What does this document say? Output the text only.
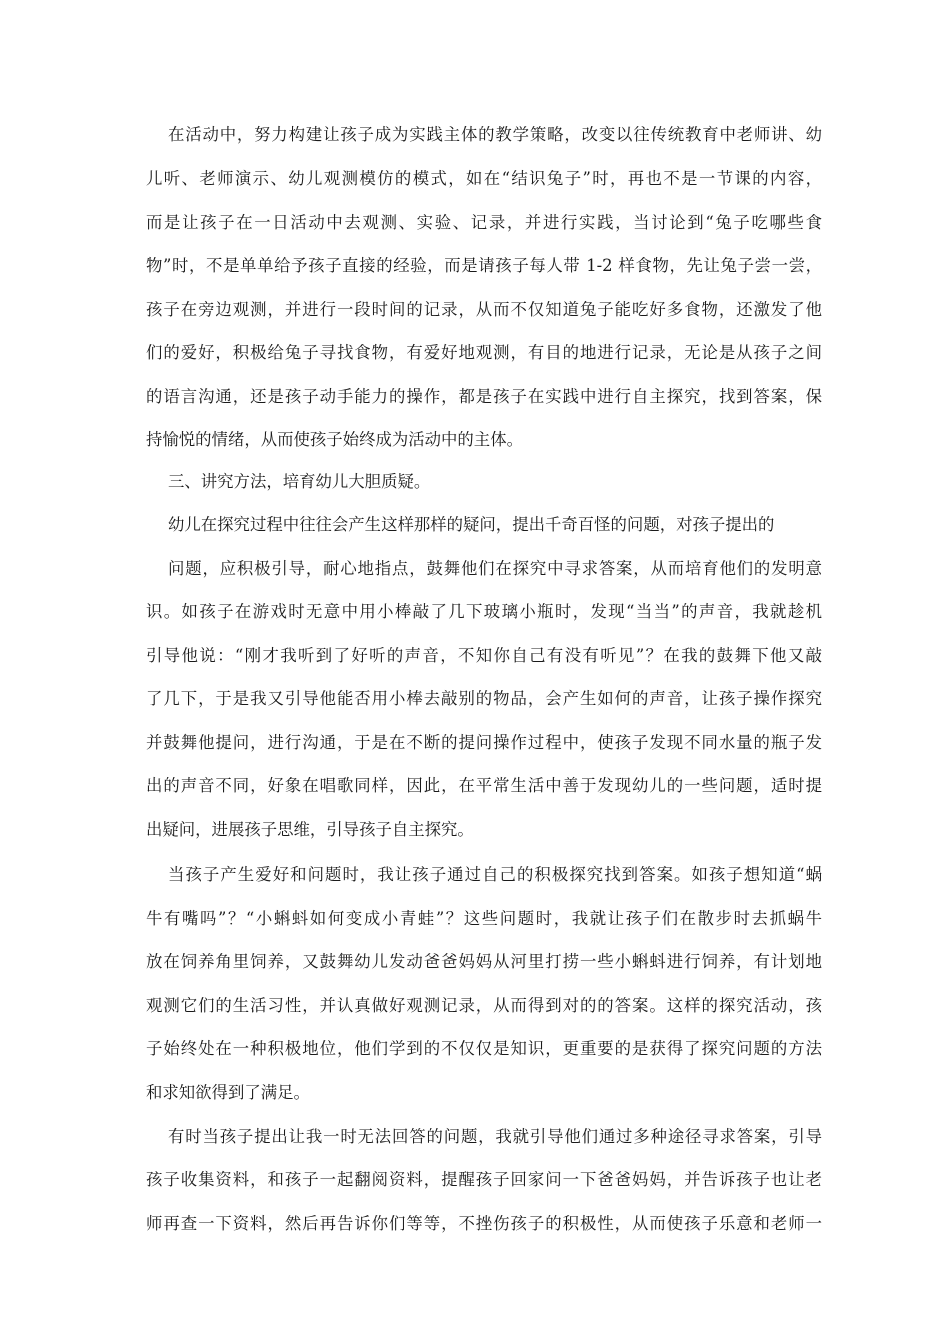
在活动中，努力构建让孩子成为实践主体的教学策略，改变以往传统教育中老师讲、幼
儿听、老师演示、幼儿观测模仿的模式，如在“结识兔子”时，再也不是一节课的内容，
而是让孩子在一日活动中去观测、实验、记录，并进行实践，当讨论到“兔子吃哪些食
物”时，不是单单给予孩子直接的经验，而是请孩子每人带 1-2 样食物，先让兔子尝一尝，
孩子在旁边观测，并进行一段时间的记录，从而不仅知道兔子能吃好多食物，还激发了他
们的爱好，积极给兔子寻找食物，有爱好地观测，有目的地进行记录，无论是从孩子之间
的语言沟通，还是孩子动手能力的操作，都是孩子在实践中进行自主探究，找到答案，保
持愉悦的情绪，从而使孩子始终成为活动中的主体。
三、讲究方法，培育幼儿大胆质疑。
幼儿在探究过程中往往会产生这样那样的疑问，提出千奇百怪的问题，对孩子提出的
问题，应积极引导，耐心地指点，鼓舞他们在探究中寻求答案，从而培育他们的发明意
识。如孩子在游戏时无意中用小棒敲了几下玻璃小瓶时，发现“当当”的声音，我就趁机
引导他说：“刚才我听到了好听的声音，不知你自己有没有听见”？在我的鼓舞下他又敲
了几下，于是我又引导他能否用小棒去敲别的物品，会产生如何的声音，让孩子操作探究
并鼓舞他提问，进行沟通，于是在不断的提问操作过程中，使孩子发现不同水量的瓶子发
出的声音不同，好象在唱歌同样，因此，在平常生活中善于发现幼儿的一些问题，适时提
出疑问，进展孩子思维，引导孩子自主探究。
当孩子产生爱好和问题时，我让孩子通过自己的积极探究找到答案。如孩子想知道“蜗
牛有嘴吗”？“小蝌蚪如何变成小青蛙”？这些问题时，我就让孩子们在散步时去抓蜗牛
放在饲养角里饲养，又鼓舞幼儿发动爸爸妈妈从河里打捞一些小蝌蚪进行饲养，有计划地
观测它们的生活习性，并认真做好观测记录，从而得到对的的答案。这样的探究活动，孩
子始终处在一种积极地位，他们学到的不仅仅是知识，更重要的是获得了探究问题的方法
和求知欲得到了满足。
有时当孩子提出让我一时无法回答的问题，我就引导他们通过多种途径寻求答案，引导
孩子收集资料，和孩子一起翻阅资料，提醒孩子回家问一下爸爸妈妈，并告诉孩子也让老
师再查一下资料，然后再告诉你们等等，不挫伤孩子的积极性，从而使孩子乐意和老师一
